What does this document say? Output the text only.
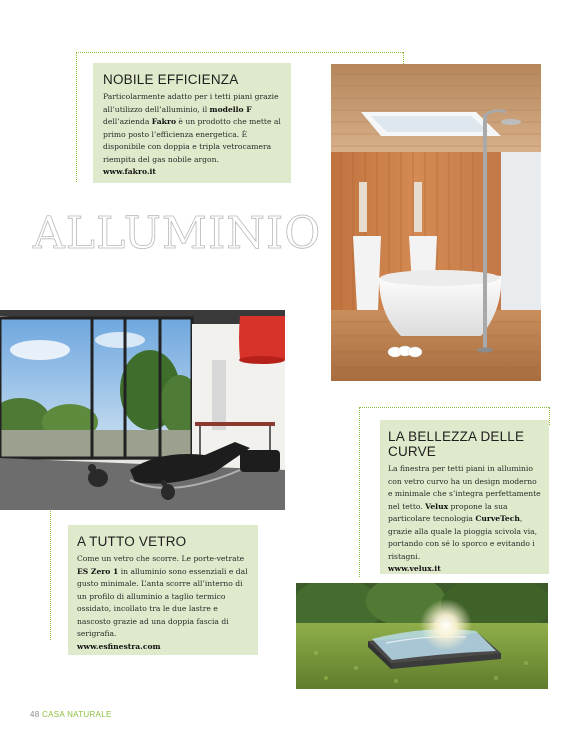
NOBILE EFFICIENZA

Particolarmente adatto per i tetti piani grazie all’utilizzo dell’alluminio, il modello F dell’azienda Fakro è un prodotto che mette al primo posto l’efficienza energetica. È disponibile con doppia e tripla vetrocamera riempita del gas nobile argon.

www.fakro.it
ALLUMINIO
LA BELLEZZA DELLE CURVE

La finestra per tetti piani in alluminio con vetro curvo ha un design moderno e minimale che s’integra perfettamente nel tetto. Velux propone la sua particolare tecnologia CurveTech, grazie alla quale la pioggia scivola via, portando con sé lo sporco e evitando i ristagni.

www.velux.it
A TUTTO VETRO

Come un vetro che scorre. Le porte-vetrate ES Zero 1 in alluminio sono essenziali e dal gusto minimale. L’anta scorre all’interno di un profilo di alluminio a taglio termico ossidato, incollato tra le due lastre e nascosto grazie ad una doppia fascia di serigrafia.

www.esfinestra.com
48 CASA NATURALE
